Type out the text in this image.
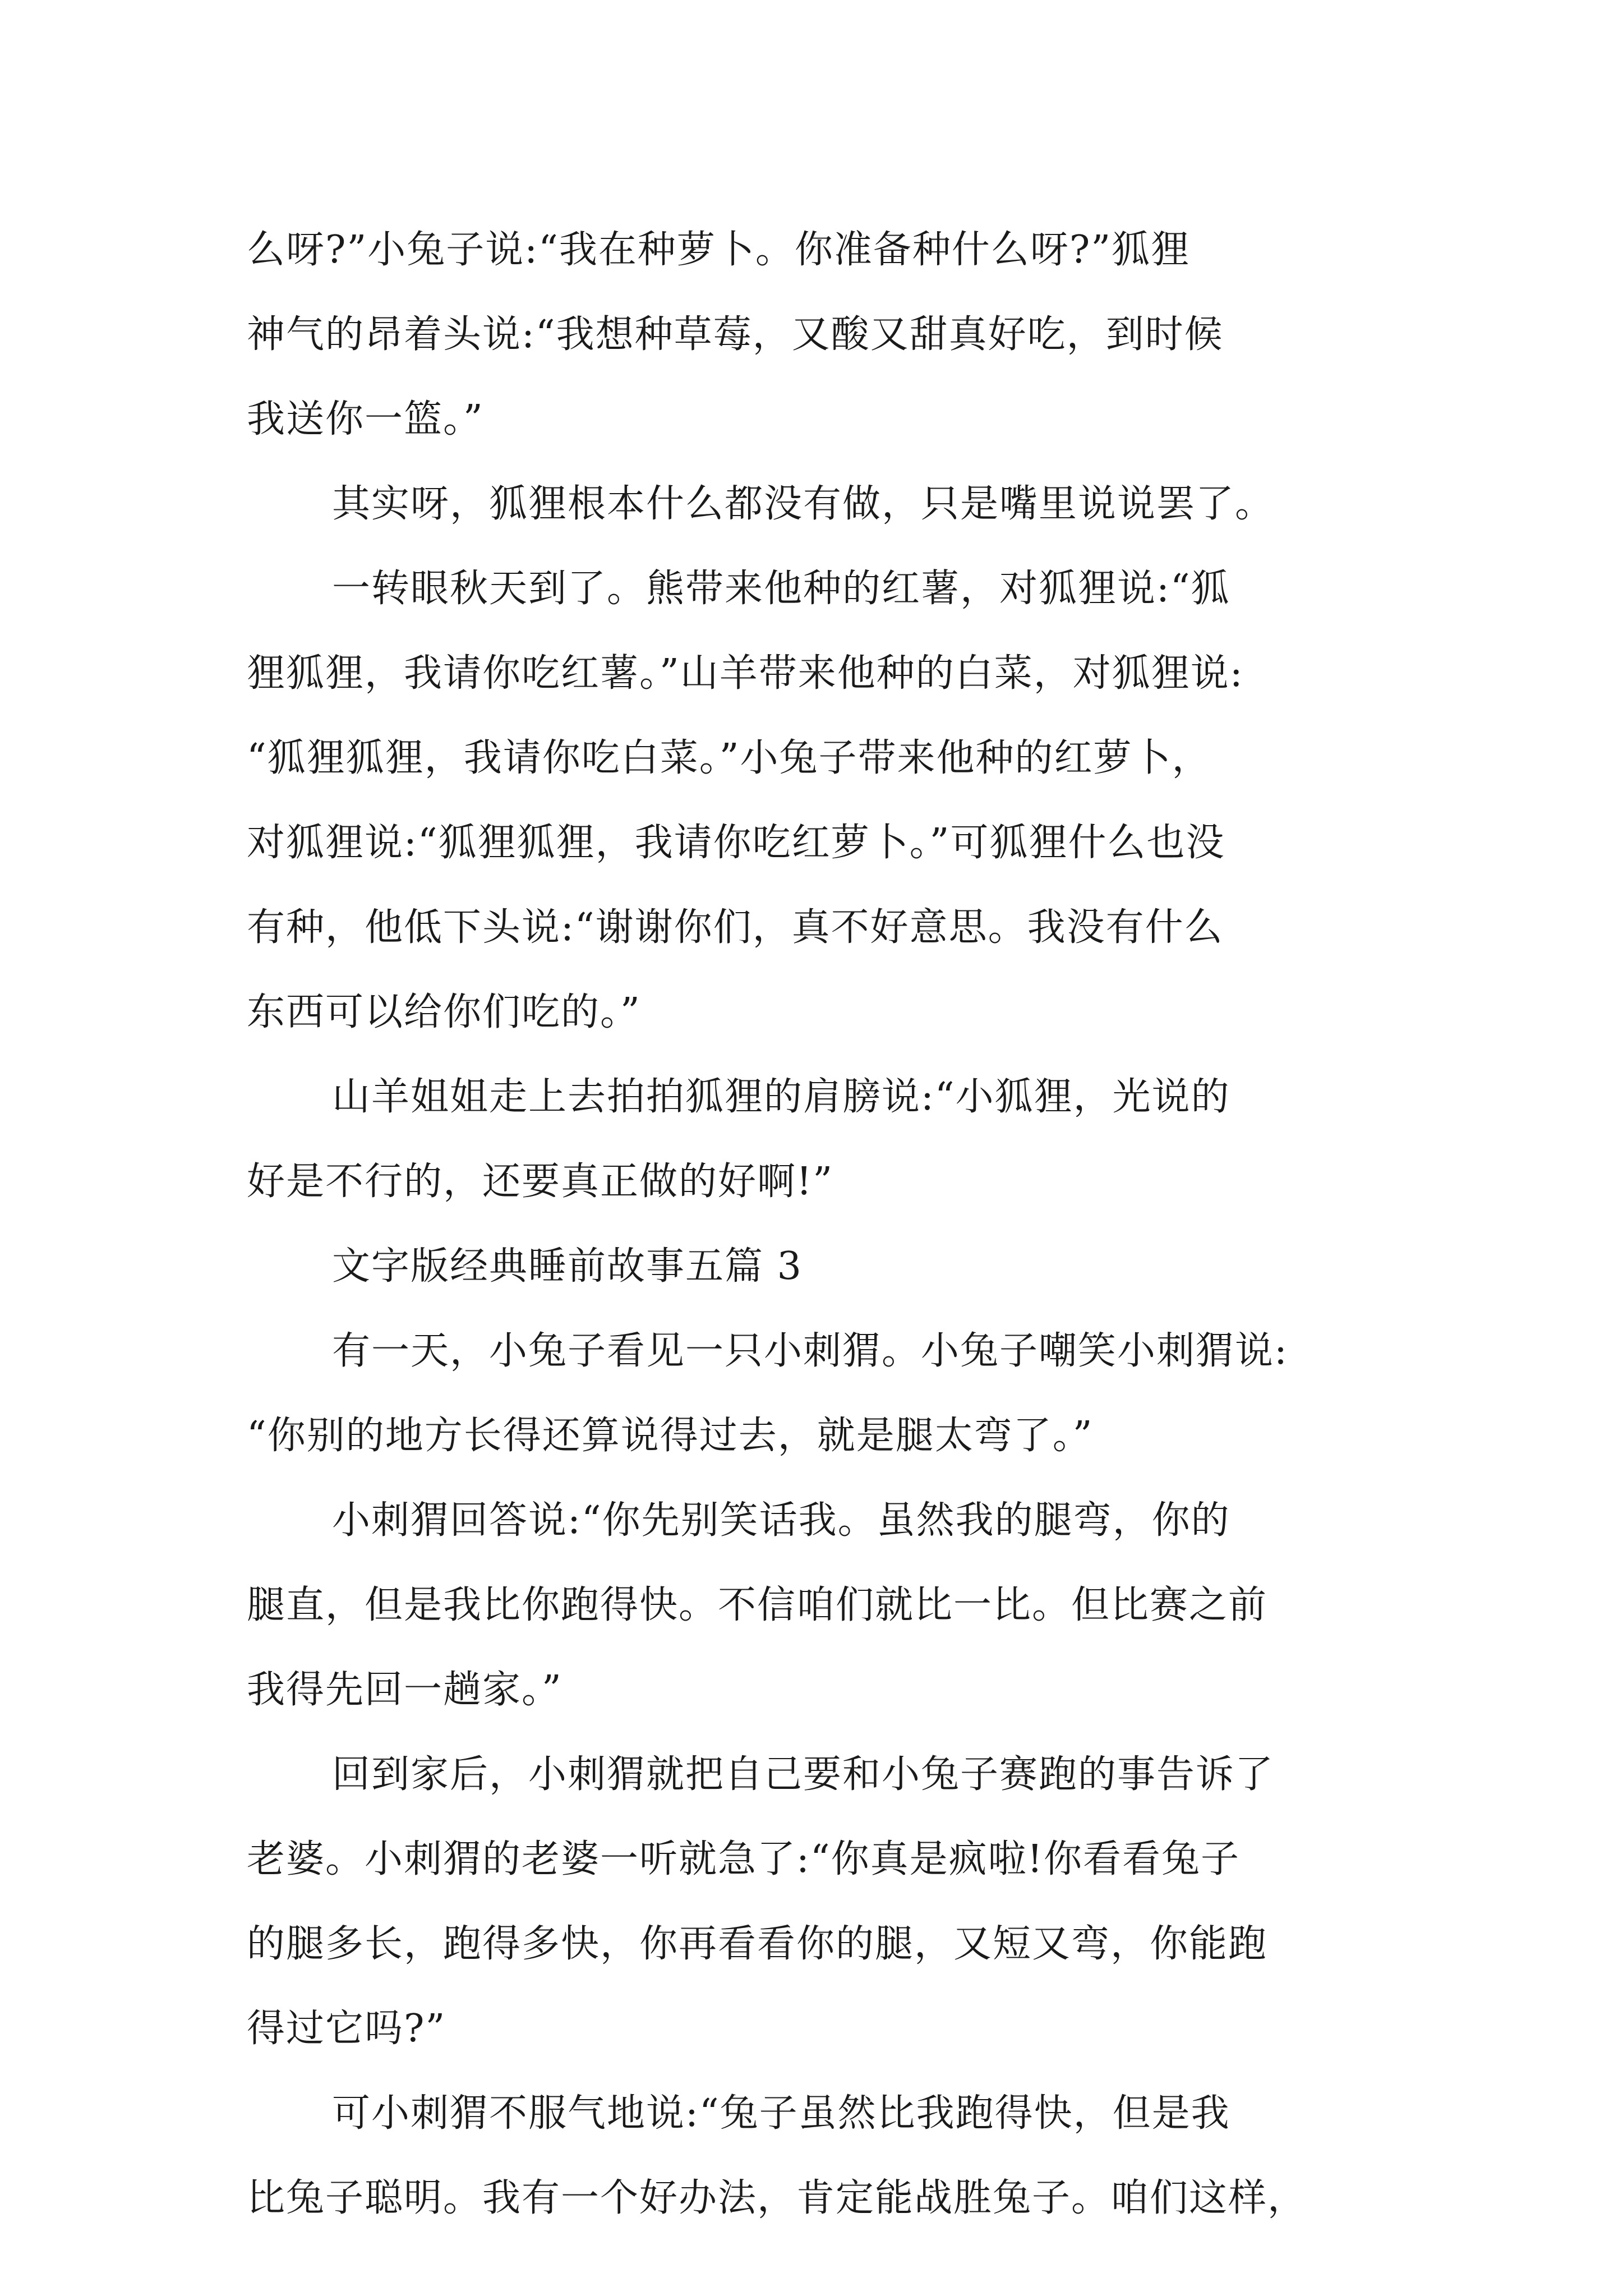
么呀?”小兔子说:“我在种萝卜。你准备种什么呀?”狐狸
神气的昂着头说:“我想种草莓，又酸又甜真好吃，到时候
我送你一篮。”
其实呀，狐狸根本什么都没有做，只是嘴里说说罢了。
一转眼秋天到了。熊带来他种的红薯，对狐狸说:“狐
狸狐狸，我请你吃红薯。”山羊带来他种的白菜，对狐狸说:
“狐狸狐狸，我请你吃白菜。”小兔子带来他种的红萝卜，
对狐狸说:“狐狸狐狸，我请你吃红萝卜。”可狐狸什么也没
有种，他低下头说:“谢谢你们，真不好意思。我没有什么
东西可以给你们吃的。”
山羊姐姐走上去拍拍狐狸的肩膀说:“小狐狸，光说的
好是不行的，还要真正做的好啊!”
文字版经典睡前故事五篇 3
有一天，小兔子看见一只小刺猬。小兔子嘲笑小刺猬说:
“你别的地方长得还算说得过去，就是腿太弯了。”
小刺猬回答说:“你先别笑话我。虽然我的腿弯，你的
腿直，但是我比你跑得快。不信咱们就比一比。但比赛之前
我得先回一趟家。”
回到家后，小刺猬就把自己要和小兔子赛跑的事告诉了
老婆。小刺猬的老婆一听就急了:“你真是疯啦!你看看兔子
的腿多长，跑得多快，你再看看你的腿，又短又弯，你能跑
得过它吗?”
可小刺猬不服气地说:“兔子虽然比我跑得快，但是我
比兔子聪明。我有一个好办法，肯定能战胜兔子。咱们这样，
